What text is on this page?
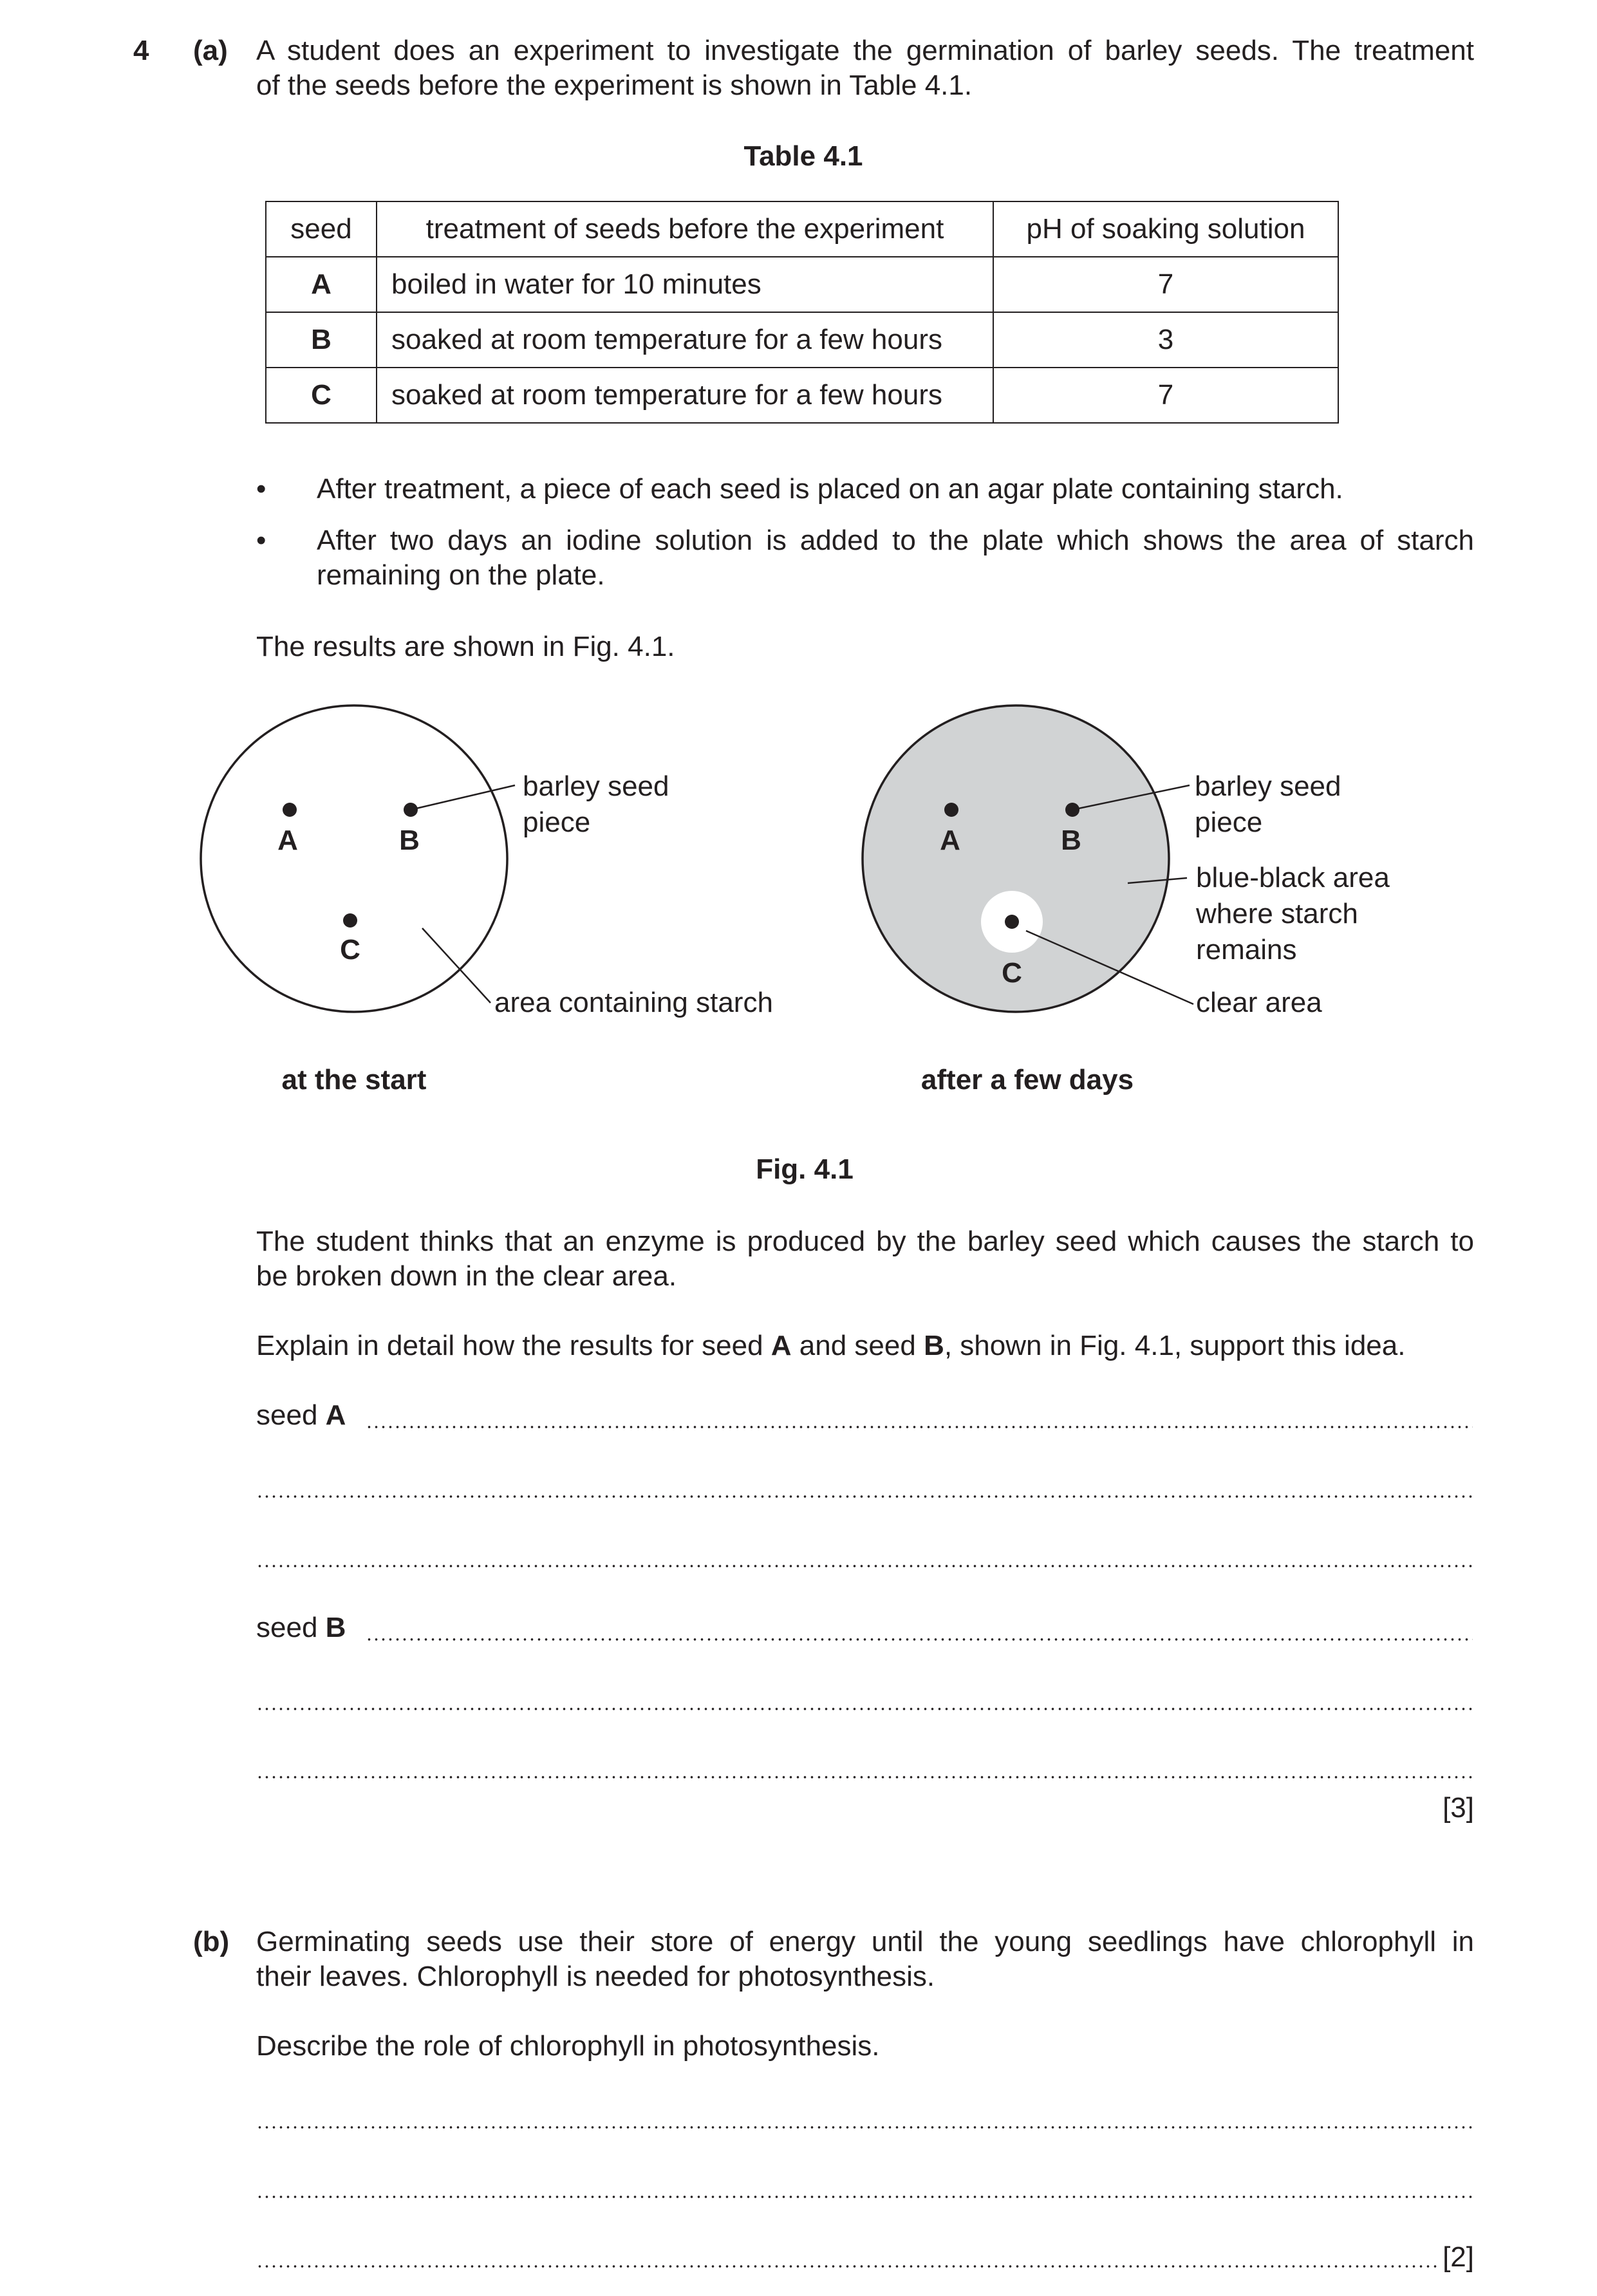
4 (a) A student does an experiment to investigate the germination of barley seeds. The treatment
of the seeds before the experiment is shown in Table 4.1.
Table 4.1
seed	treatment of seeds before the experiment	pH of soaking solution
A	boiled in water for 10 minutes	7
B	soaked at room temperature for a few hours	3
C	soaked at room temperature for a few hours	7
• After treatment, a piece of each seed is placed on an agar plate containing starch.
• After two days an iodine solution is added to the plate which shows the area of starch remaining on the plate.
The results are shown in Fig. 4.1.
A	B
C
barley seed
piece
area containing starch
at the start
A	B
C
barley seed
piece
blue-black area
where starch
remains
clear area
after a few days
Fig. 4.1
The student thinks that an enzyme is produced by the barley seed which causes the starch to
be broken down in the clear area.
Explain in detail how the results for seed A and seed B, shown in Fig. 4.1, support this idea.
seed A
seed B
[3]
(b) Germinating seeds use their store of energy until the young seedlings have chlorophyll in
their leaves. Chlorophyll is needed for photosynthesis.
Describe the role of chlorophyll in photosynthesis.
[2]
